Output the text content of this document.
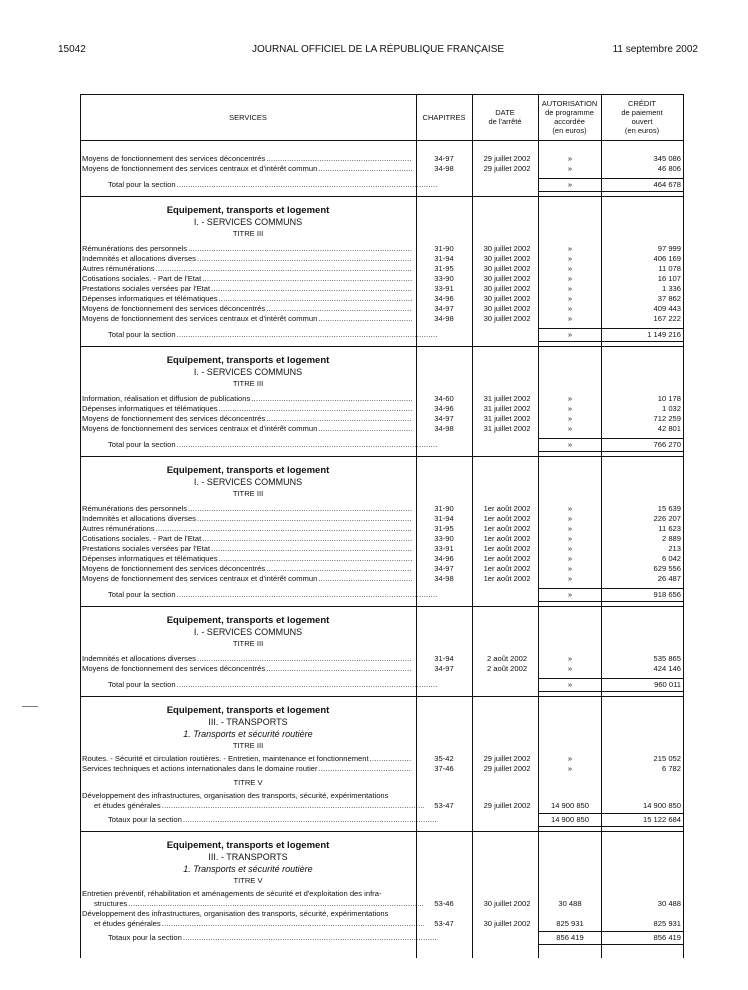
15042	JOURNAL OFFICIEL DE LA RÉPUBLIQUE FRANÇAISE	11 septembre 2002
SERVICES	CHAPITRES	DATE
de l'arrêté
AUTORISATION
de programme
accordée
(en euros)
CRÉDIT
de paiement
ouvert
(en euros)
Moyens de fonctionnement des services déconcentrés .....	34-97	29 juillet 2002	»	345 086
Moyens de fonctionnement des services centraux et d'intérêt commun .....	34-98	29 juillet 2002	»	46 806
Total pour la section .....	»	464 678
Equipement, transports et logement
I. - SERVICES COMMUNS
TITRE III
Rémunérations des personnels .....	31-90	30 juillet 2002	»	97 999
Indemnités et allocations diverses .....	31-94	30 juillet 2002	»	406 169
Autres rémunérations .....	31-95	30 juillet 2002	»	11 078
Cotisations sociales. - Part de l'Etat .....	33-90	30 juillet 2002	»	16 107
Prestations sociales versées par l'Etat .....	33-91	30 juillet 2002	»	1 336
Dépenses informatiques et télématiques .....	34-96	30 juillet 2002	»	37 862
Moyens de fonctionnement des services déconcentrés .....	34-97	30 juillet 2002	»	409 443
Moyens de fonctionnement des services centraux et d'intérêt commun .....	34-98	30 juillet 2002	»	167 222
Total pour la section .....	»	1 149 216
Equipement, transports et logement
I. - SERVICES COMMUNS
TITRE III
Information, réalisation et diffusion de publications .....	34-60	31 juillet 2002	»	10 178
Dépenses informatiques et télématiques .....	34-96	31 juillet 2002	»	1 032
Moyens de fonctionnement des services déconcentrés .....	34-97	31 juillet 2002	»	712 259
Moyens de fonctionnement des services centraux et d'intérêt commun .....	34-98	31 juillet 2002	»	42 801
Total pour la section .....	»	766 270
Equipement, transports et logement
I. - SERVICES COMMUNS
TITRE III
Rémunérations des personnels .....	31-90	1er août 2002	»	15 639
Indemnités et allocations diverses .....	31-94	1er août 2002	»	226 207
Autres rémunérations .....	31-95	1er août 2002	»	11 623
Cotisations sociales. - Part de l'Etat .....	33-90	1er août 2002	»	2 889
Prestations sociales versées par l'Etat .....	33-91	1er août 2002	»	213
Dépenses informatiques et télématiques .....	34-96	1er août 2002	»	6 042
Moyens de fonctionnement des services déconcentrés .....	34-97	1er août 2002	»	629 556
Moyens de fonctionnement des services centraux et d'intérêt commun .....	34-98	1er août 2002	»	26 487
Total pour la section .....	»	918 656
Equipement, transports et logement
I. - SERVICES COMMUNS
TITRE III
Indemnités et allocations diverses .....	31-94	2 août 2002	»	535 865
Moyens de fonctionnement des services déconcentrés .....	34-97	2 août 2002	»	424 146
Total pour la section .....	»	960 011
Equipement, transports et logement
III. - TRANSPORTS
1. Transports et sécurité routière
TITRE III
Routes. - Sécurité et circulation routières. - Entretien, maintenance et fonctionnement .....	35-42	29 juillet 2002	»	215 052
Services techniques et actions internationales dans le domaine routier .....	37-46	29 juillet 2002	»	6 782
TITRE V
Développement des infrastructures, organisation des transports, sécurité, expérimentations
et études générales .....	53-47	29 juillet 2002	14 900 850	14 900 850
Totaux pour la section .....	14 900 850	15 122 684
Equipement, transports et logement
III. - TRANSPORTS
1. Transports et sécurité routière
TITRE V
Entretien préventif, réhabilitation et aménagements de sécurité et d'exploitation des infra-
structures .....	53-46	30 juillet 2002	30 488	30 488
Développement des infrastructures, organisation des transports, sécurité, expérimentations
et études générales .....	53-47	30 juillet 2002	825 931	825 931
Totaux pour la section .....	856 419	856 419
